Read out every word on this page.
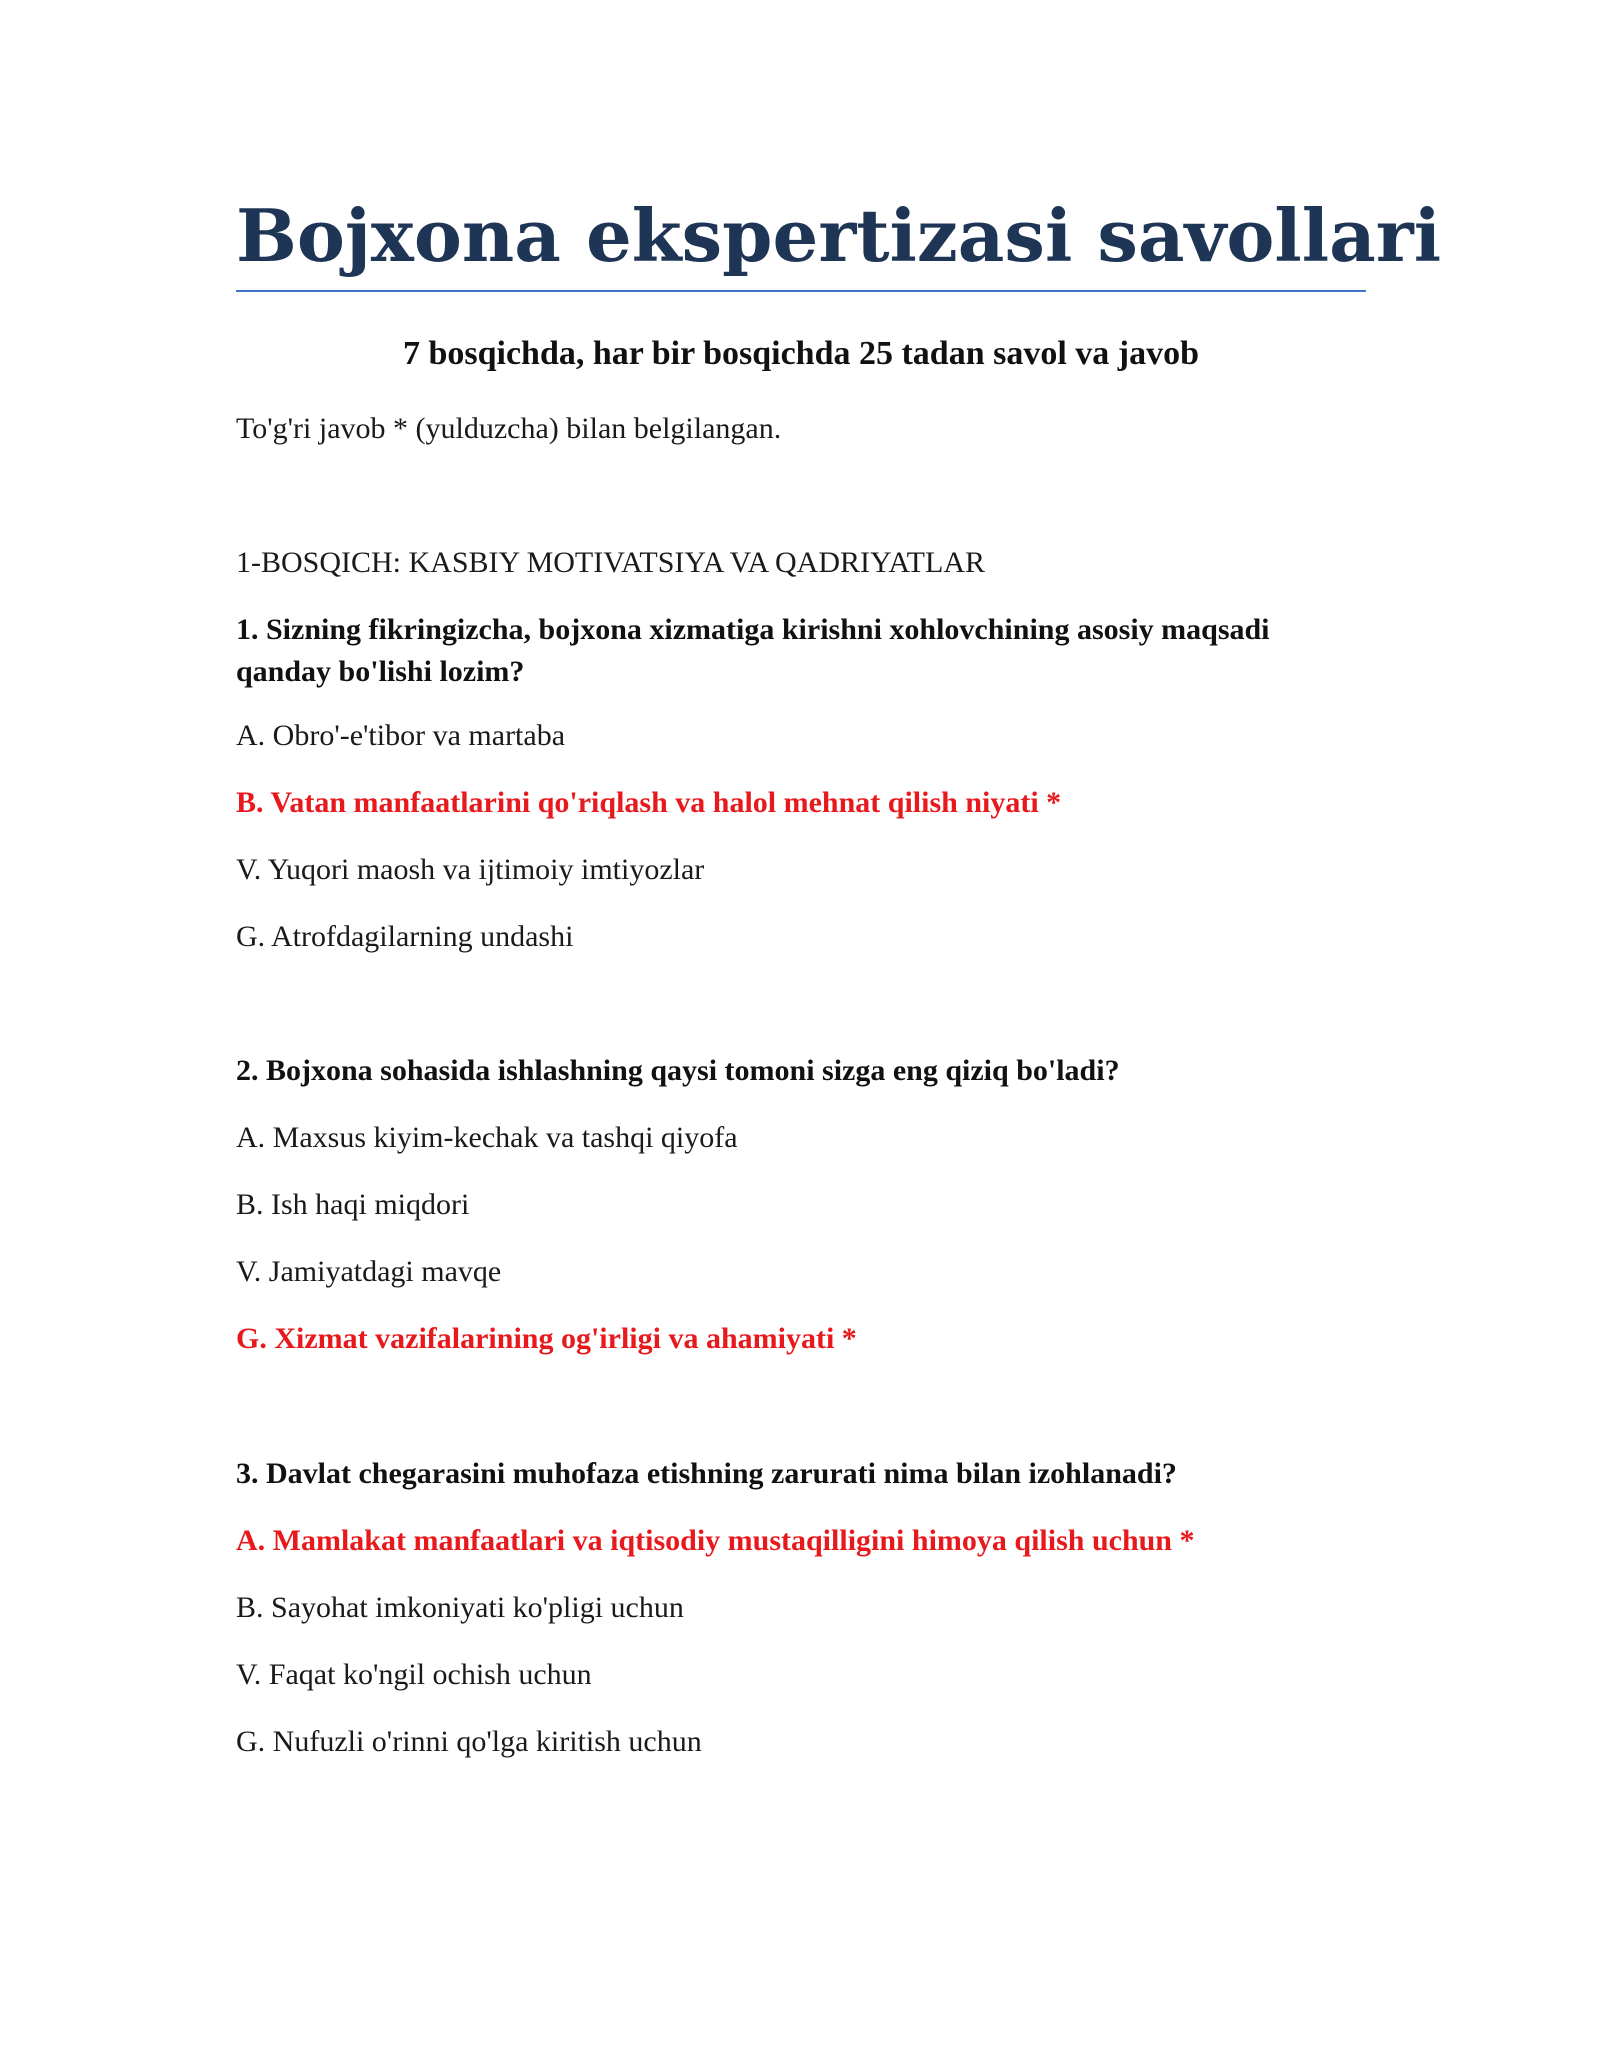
Bojxona ekspertizasi savollari
7 bosqichda, har bir bosqichda 25 tadan savol va javob

To'g'ri javob * (yulduzcha) bilan belgilangan.

1-BOSQICH: KASBIY MOTIVATSIYA VA QADRIYATLAR

1. Sizning fikringizcha, bojxona xizmatiga kirishni xohlovchining asosiy maqsadi qanday bo'lishi lozim?

A. Obro'-e'tibor va martaba

B. Vatan manfaatlarini qo'riqlash va halol mehnat qilish niyati *

V. Yuqori maosh va ijtimoiy imtiyozlar

G. Atrofdagilarning undashi

2. Bojxona sohasida ishlashning qaysi tomoni sizga eng qiziq bo'ladi?

A. Maxsus kiyim-kechak va tashqi qiyofa

B. Ish haqi miqdori

V. Jamiyatdagi mavqe

G. Xizmat vazifalarining og'irligi va ahamiyati *

3. Davlat chegarasini muhofaza etishning zarurati nima bilan izohlanadi?

A. Mamlakat manfaatlari va iqtisodiy mustaqilligini himoya qilish uchun *

B. Sayohat imkoniyati ko'pligi uchun

V. Faqat ko'ngil ochish uchun

G. Nufuzli o'rinni qo'lga kiritish uchun
